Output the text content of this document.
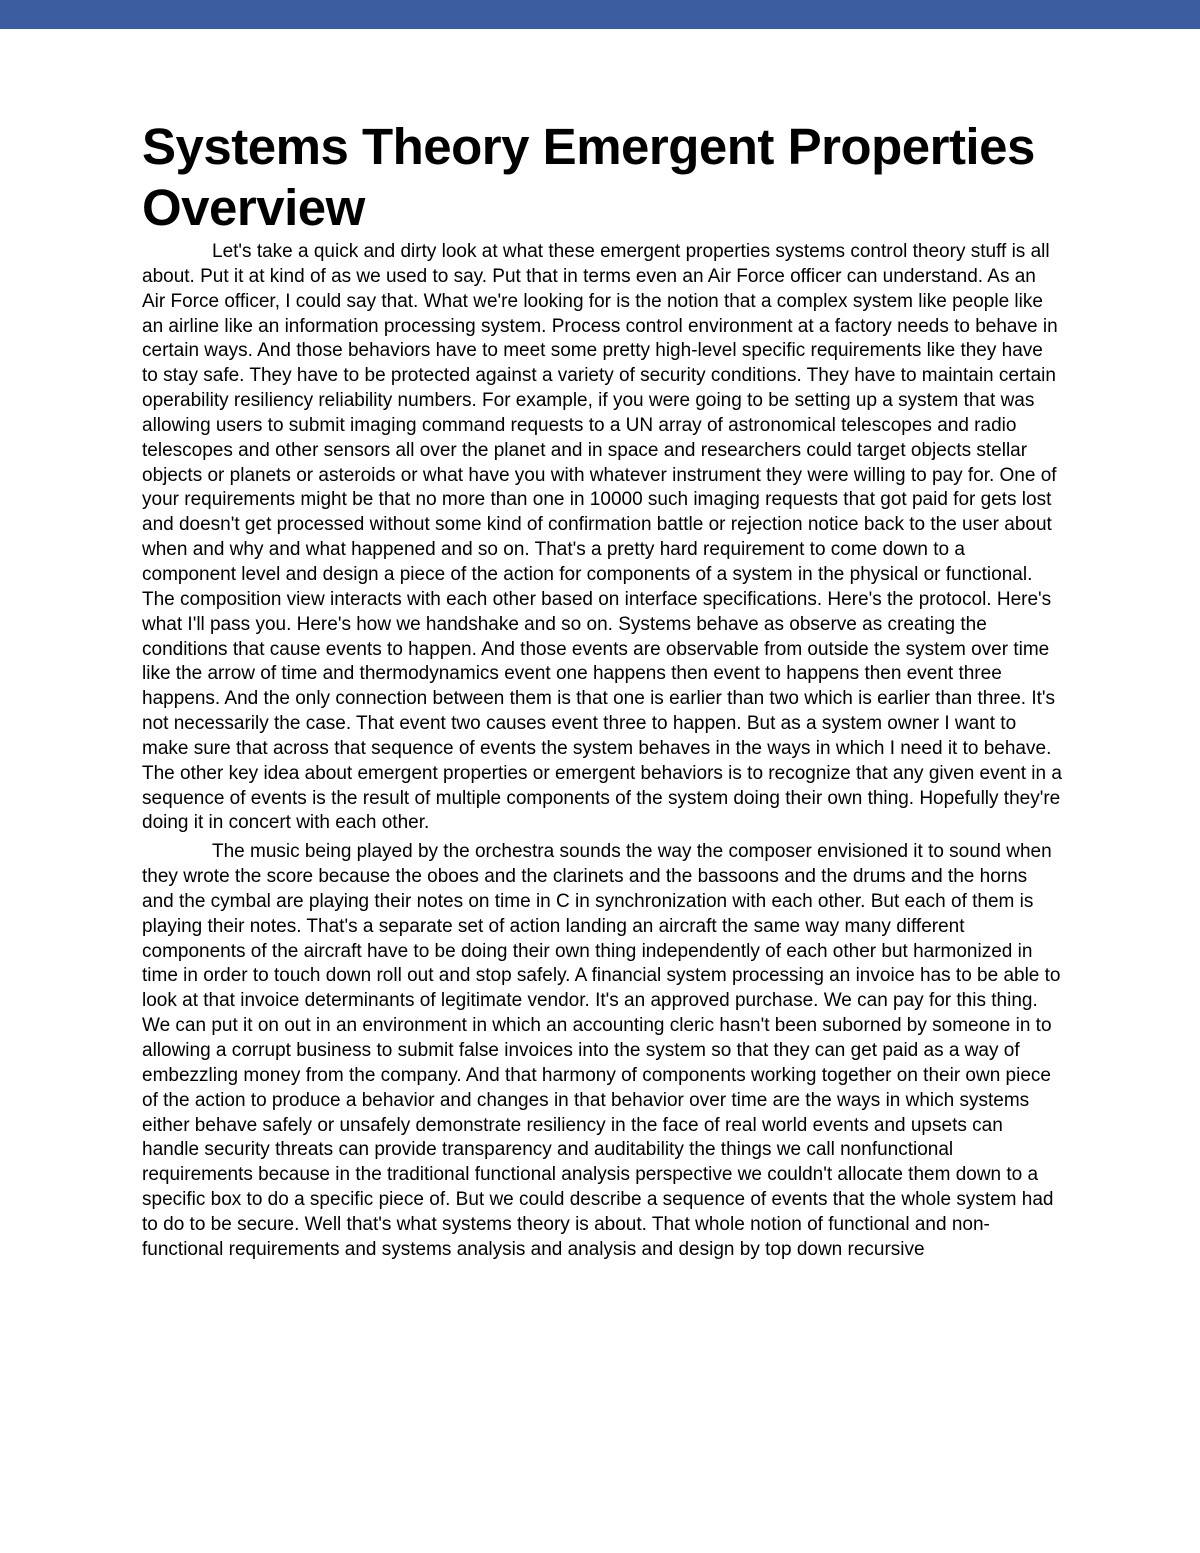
Systems Theory Emergent Properties Overview

Let's take a quick and dirty look at what these emergent properties systems control theory stuff is all about. Put it at kind of as we used to say. Put that in terms even an Air Force officer can understand. As an Air Force officer, I could say that. What we're looking for is the notion that a complex system like people like an airline like an information processing system. Process control environment at a factory needs to behave in certain ways. And those behaviors have to meet some pretty high-level specific requirements like they have to stay safe. They have to be protected against a variety of security conditions. They have to maintain certain operability resiliency reliability numbers. For example, if you were going to be setting up a system that was allowing users to submit imaging command requests to a UN array of astronomical telescopes and radio telescopes and other sensors all over the planet and in space and researchers could target objects stellar objects or planets or asteroids or what have you with whatever instrument they were willing to pay for. One of your requirements might be that no more than one in 10000 such imaging requests that got paid for gets lost and doesn't get processed without some kind of confirmation battle or rejection notice back to the user about when and why and what happened and so on. That's a pretty hard requirement to come down to a component level and design a piece of the action for components of a system in the physical or functional. The composition view interacts with each other based on interface specifications. Here's the protocol. Here's what I'll pass you. Here's how we handshake and so on. Systems behave as observe as creating the conditions that cause events to happen. And those events are observable from outside the system over time like the arrow of time and thermodynamics event one happens then event to happens then event three happens. And the only connection between them is that one is earlier than two which is earlier than three. It's not necessarily the case. That event two causes event three to happen. But as a system owner I want to make sure that across that sequence of events the system behaves in the ways in which I need it to behave. The other key idea about emergent properties or emergent behaviors is to recognize that any given event in a sequence of events is the result of multiple components of the system doing their own thing. Hopefully they're doing it in concert with each other.

The music being played by the orchestra sounds the way the composer envisioned it to sound when they wrote the score because the oboes and the clarinets and the bassoons and the drums and the horns and the cymbal are playing their notes on time in C in synchronization with each other. But each of them is playing their notes. That's a separate set of action landing an aircraft the same way many different components of the aircraft have to be doing their own thing independently of each other but harmonized in time in order to touch down roll out and stop safely. A financial system processing an invoice has to be able to look at that invoice determinants of legitimate vendor. It's an approved purchase. We can pay for this thing. We can put it on out in an environment in which an accounting cleric hasn't been suborned by someone in to allowing a corrupt business to submit false invoices into the system so that they can get paid as a way of embezzling money from the company. And that harmony of components working together on their own piece of the action to produce a behavior and changes in that behavior over time are the ways in which systems either behave safely or unsafely demonstrate resiliency in the face of real world events and upsets can handle security threats can provide transparency and auditability the things we call nonfunctional requirements because in the traditional functional analysis perspective we couldn't allocate them down to a specific box to do a specific piece of. But we could describe a sequence of events that the whole system had to do to be secure. Well that's what systems theory is about. That whole notion of functional and non-functional requirements and systems analysis and analysis and design by top down recursive
